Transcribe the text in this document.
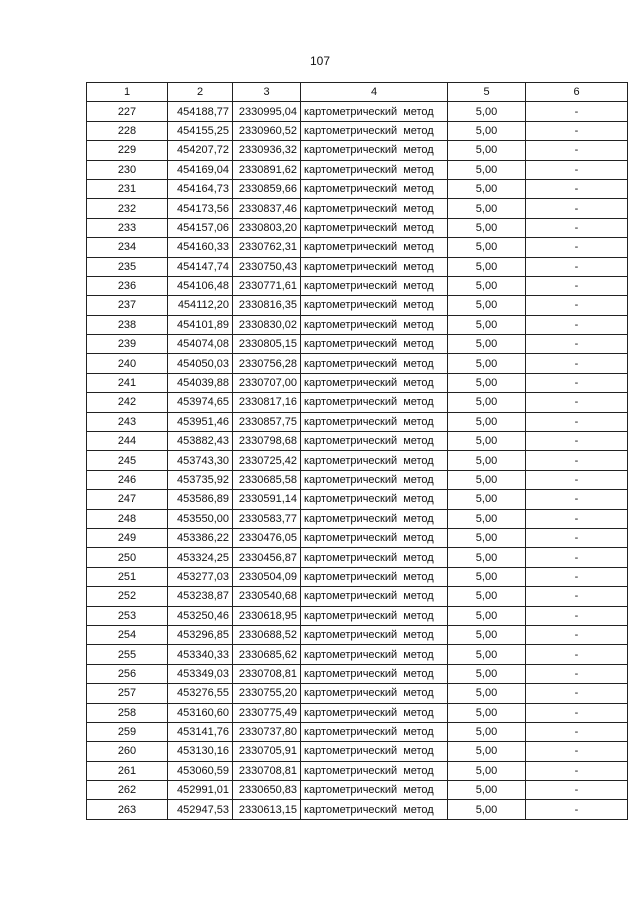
107
1	2	3	4	5	6
227	454188,77	2330995,04	картометрический метод	5,00	-
228	454155,25	2330960,52	картометрический метод	5,00	-
229	454207,72	2330936,32	картометрический метод	5,00	-
230	454169,04	2330891,62	картометрический метод	5,00	-
231	454164,73	2330859,66	картометрический метод	5,00	-
232	454173,56	2330837,46	картометрический метод	5,00	-
233	454157,06	2330803,20	картометрический метод	5,00	-
234	454160,33	2330762,31	картометрический метод	5,00	-
235	454147,74	2330750,43	картометрический метод	5,00	-
236	454106,48	2330771,61	картометрический метод	5,00	-
237	454112,20	2330816,35	картометрический метод	5,00	-
238	454101,89	2330830,02	картометрический метод	5,00	-
239	454074,08	2330805,15	картометрический метод	5,00	-
240	454050,03	2330756,28	картометрический метод	5,00	-
241	454039,88	2330707,00	картометрический метод	5,00	-
242	453974,65	2330817,16	картометрический метод	5,00	-
243	453951,46	2330857,75	картометрический метод	5,00	-
244	453882,43	2330798,68	картометрический метод	5,00	-
245	453743,30	2330725,42	картометрический метод	5,00	-
246	453735,92	2330685,58	картометрический метод	5,00	-
247	453586,89	2330591,14	картометрический метод	5,00	-
248	453550,00	2330583,77	картометрический метод	5,00	-
249	453386,22	2330476,05	картометрический метод	5,00	-
250	453324,25	2330456,87	картометрический метод	5,00	-
251	453277,03	2330504,09	картометрический метод	5,00	-
252	453238,87	2330540,68	картометрический метод	5,00	-
253	453250,46	2330618,95	картометрический метод	5,00	-
254	453296,85	2330688,52	картометрический метод	5,00	-
255	453340,33	2330685,62	картометрический метод	5,00	-
256	453349,03	2330708,81	картометрический метод	5,00	-
257	453276,55	2330755,20	картометрический метод	5,00	-
258	453160,60	2330775,49	картометрический метод	5,00	-
259	453141,76	2330737,80	картометрический метод	5,00	-
260	453130,16	2330705,91	картометрический метод	5,00	-
261	453060,59	2330708,81	картометрический метод	5,00	-
262	452991,01	2330650,83	картометрический метод	5,00	-
263	452947,53	2330613,15	картометрический метод	5,00	-
